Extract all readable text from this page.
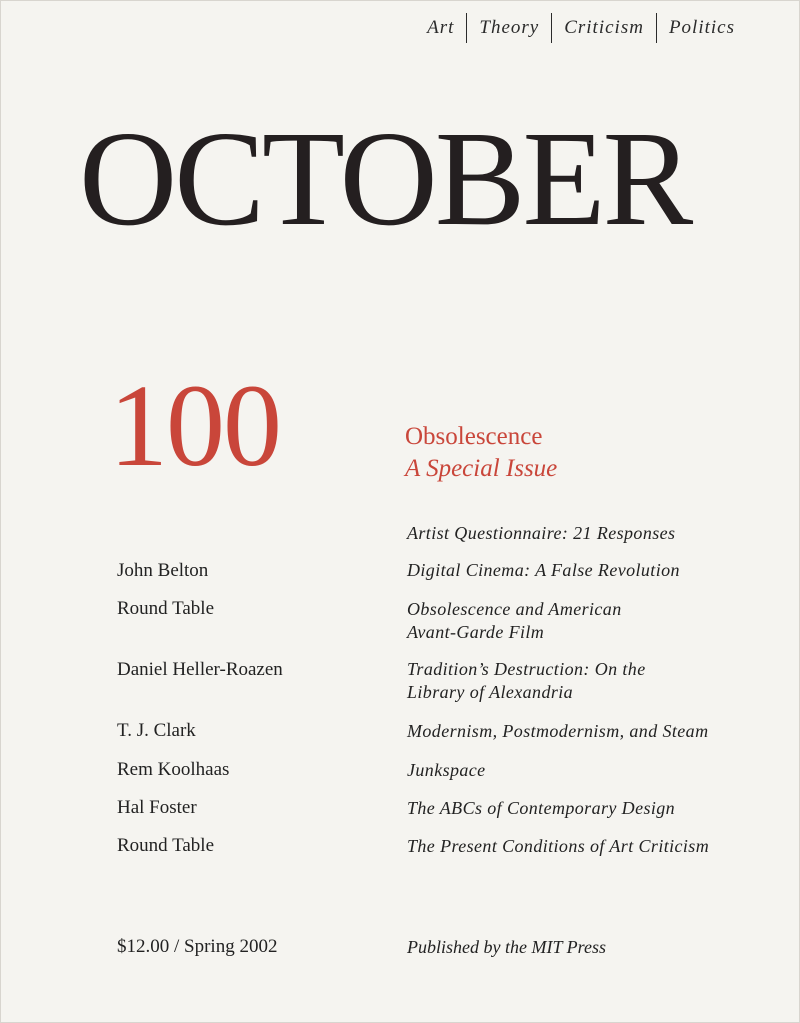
Art	Theory	Criticism	Politics
OCTOBER
100	Obsolescence
A Special Issue
Artist Questionnaire: 21 Responses
John Belton	Digital Cinema: A False Revolution
Round Table	Obsolescence and American
Avant-Garde Film
Daniel Heller-Roazen	Tradition’s Destruction: On the
Library of Alexandria
T. J. Clark	Modernism, Postmodernism, and Steam
Rem Koolhaas	Junkspace
Hal Foster	The ABCs of Contemporary Design
Round Table	The Present Conditions of Art Criticism
$12.00 / Spring 2002	Published by the MIT Press
